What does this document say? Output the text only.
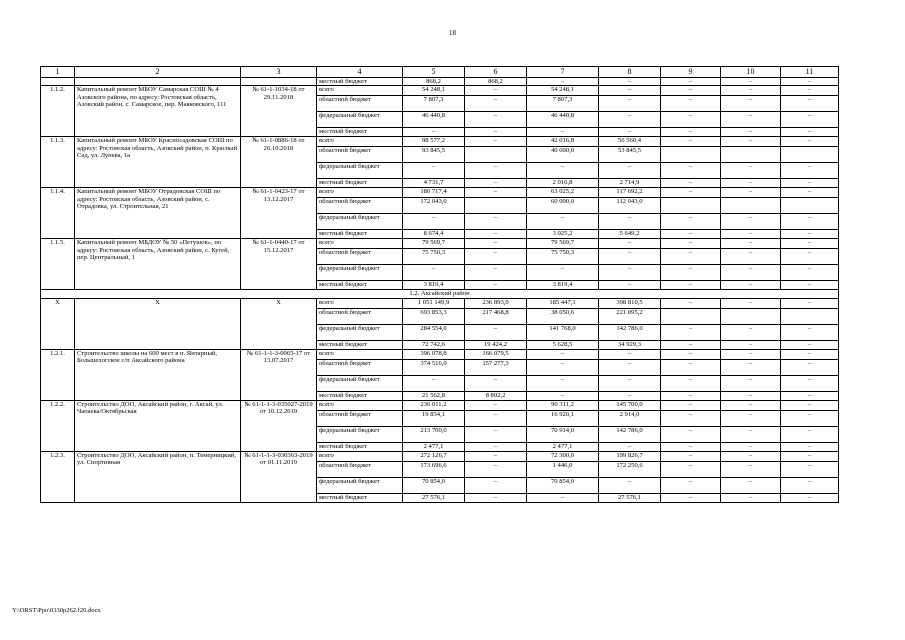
18
1	2	3	4	5	6	7	8	9	10	11
			местный бюджет	868,2	868,2	–	–	–	–	–
1.1.2.	Капитальный ремонт МБОУ Самарская СОШ № 4 Азовского района, по адресу: Ростовская область, Азовский район, с. Самарское, пер. Маяковского, 111	№ 61-1-1034-18 от 29.11.2018	всего	54 248,1	–	54 248,1	–	–	–	–
			областной бюджет	7 807,3	–	7 807,3	–	–	–	–
			федеральный бюджет	46 440,8	–	46 440,8	–	–	–	–
			местный бюджет	–	–	–	–	–	–	–
1.1.3.	Капитальный ремонт МБОУ Красносадовская СОШ по адресу: Ростовская область, Азовский район, п. Красный Сад, ул. Лунева, 1а	№ 61-1-0886-18 от 26.10.2018	всего	98 577,2	–	42 016,8	56 560,4	–	–	–
			областной бюджет	93 845,5		40 000,0	53 845,5			
			федеральный бюджет	–	–	–	–	–	–	–
			местный бюджет	4 731,7	–	2 016,8	2 714,9	–	–	–
1.1.4.	Капитальный ремонт МБОУ Отрадовская СОШ по адресу: Ростовская область, Азовский район, с. Отрадовка, ул. Строительная, 21	№ 61-1-0423-17 от 13.12.2017	всего	180 717,4	–	63 025,2	117 692,2	–	–	–
			областной бюджет	172 043,0		60 000,0	112 043,0			
			федеральный бюджет	–	–	–	–	–	–	–
			местный бюджет	8 674,4	–	3 025,2	5 649,2	–	–	–
1.1.5.	Капитальный ремонт МБДОУ № 50 «Петушок», по адресу: Ростовская область, Азовский район, с. Кугей, пер. Центральный, 1	№ 61-1-0440-17 от 15.12.2017	всего	79 569,7	–	79 569,7	–	–	–	–
			областной бюджет	75 750,3	–	75 750,3	–	–	–	–
			федеральный бюджет	–	–	–	–	–	–	–
			местный бюджет	3 819,4	–	3 819,4	–	–	–	–
1.2. Аксайский район										
X	X	X	всего	1 051 149,9	236 893,0	185 447,1	398 810,5	–	–	–
			областной бюджет	693 853,3	217 468,8	38 050,6	221 095,2			
			федеральный бюджет	284 554,0	–	141 768,0	142 786,0	–	–	–
			местный бюджет	72 742,6	19 424,2	5 628,5	34 929,3	–	–	–
1.2.1.	Строительство школы на 600 мест в п. Янтарный, Большелогское с/п Аксайского района	№ 61-1-1-3-0065-17 от 13.07.2017	всего	396 078,8	166 079,5	–	–	–	–	–
			областной бюджет	374 516,0	157 277,3	–	–	–	–	–
			федеральный бюджет	–	–	–	–	–	–	–
			местный бюджет	21 562,8	8 802,2	–	–	–	–	–
1.2.2.	Строительство ДОО, Аксайский район, г. Аксай, ул. Чапаева/Октябрьская	№ 61-1-1-3-035027-2019 от 10.12.2019	всего	236 011,2	–	90 311,2	145 700,0	–	–	–
			областной бюджет	19 834,1	–	16 920,1	2 914,0	–	–	–
			федеральный бюджет	213 700,0	–	70 914,0	142 786,0	–	–	–
			местный бюджет	2 477,1	–	2 477,1	–	–	–	–
1.2.3.	Строительство ДОО, Аксайский район, п. Темерницкий, ул. Спортивная	№ 61-1-1-3-030363-2019 от 01.11.2019	всего	272 126,7	–	72 300,0	199 826,7	–	–	–
			областной бюджет	173 696,6	–	1 446,0	172 250,6	–	–	–
			федеральный бюджет	70 854,0	–	70 854,0	–	–	–	–
			местный бюджет	27 576,1	–	–	27 576,1	–	–	–
Y:\ORST\Ppo\0330p262.f20.docx
